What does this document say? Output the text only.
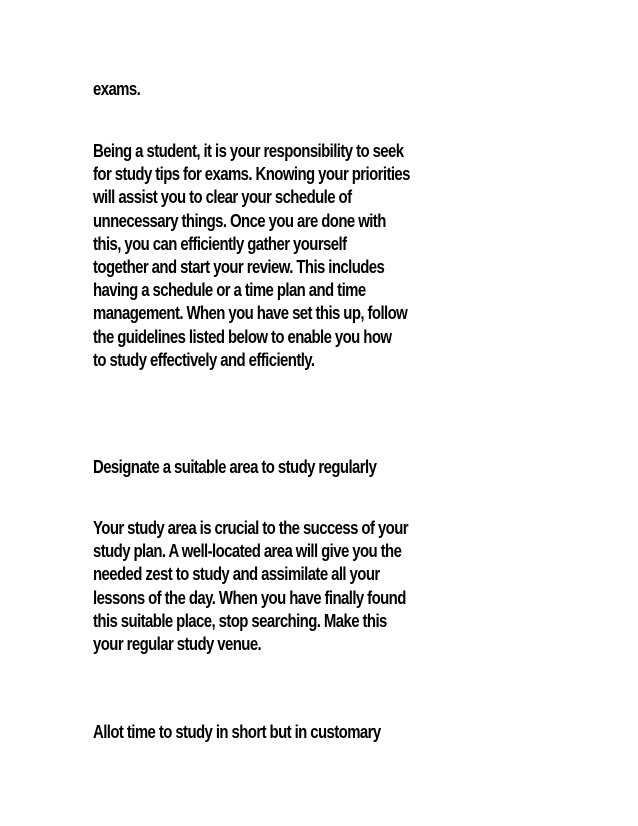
exams.

Being a student, it is your responsibility to seek
for study tips for exams. Knowing your priorities
will assist you to clear your schedule of
unnecessary things. Once you are done with
this, you can efficiently gather yourself
together and start your review. This includes
having a schedule or a time plan and time
management. When you have set this up, follow
the guidelines listed below to enable you how
to study effectively and efficiently.

Designate a suitable area to study regularly

Your study area is crucial to the success of your
study plan. A well-located area will give you the
needed zest to study and assimilate all your
lessons of the day. When you have finally found
this suitable place, stop searching. Make this
your regular study venue.

Allot time to study in short but in customary
